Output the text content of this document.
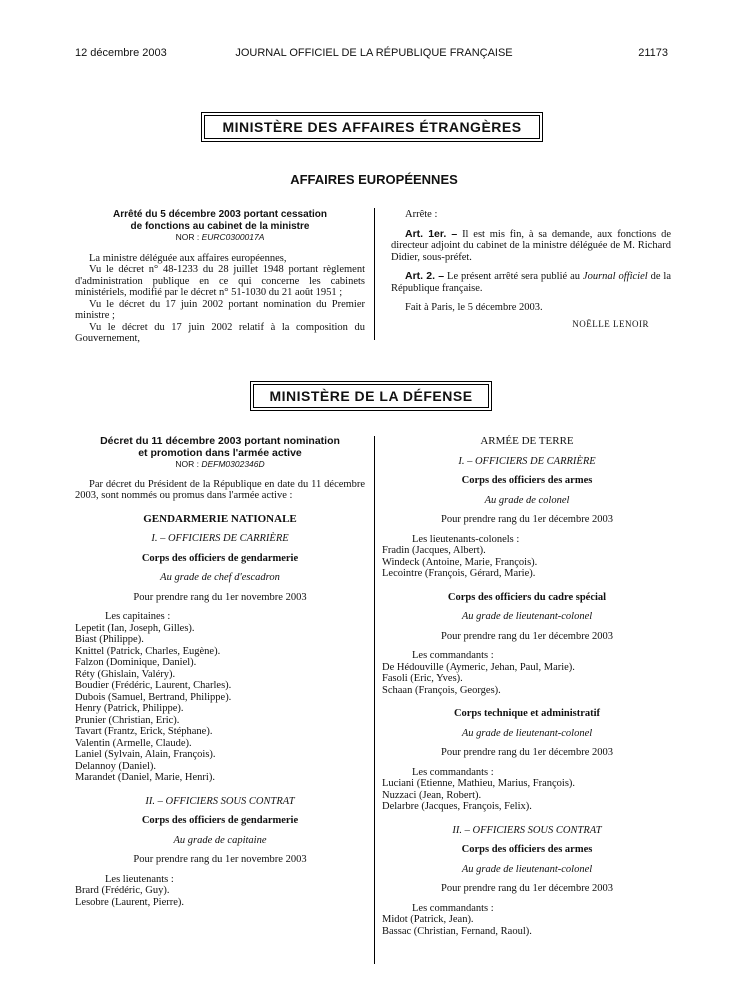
12 décembre 2003	JOURNAL OFFICIEL DE LA RÉPUBLIQUE FRANÇAISE	21173
MINISTÈRE DES AFFAIRES ÉTRANGÈRES
AFFAIRES EUROPÉENNES

Arrêté du 5 décembre 2003 portant cessation

de fonctions au cabinet de la ministre

NOR : EURC0300017A

La ministre déléguée aux affaires européennes,

Vu le décret n° 48-1233 du 28 juillet 1948 portant règlement d'administration publique en ce qui concerne les cabinets ministériels, modifié par le décret n° 51-1030 du 21 août 1951 ;

Vu le décret du 17 juin 2002 portant nomination du Premier ministre ;

Vu le décret du 17 juin 2002 relatif à la composition du Gouvernement,

Arrête :

Art. 1er. – Il est mis fin, à sa demande, aux fonctions de directeur adjoint du cabinet de la ministre déléguée de M. Richard Didier, sous-préfet.

Art. 2. – Le présent arrêté sera publié au Journal officiel de la République française.

Fait à Paris, le 5 décembre 2003.

NOËLLE LENOIR

MINISTÈRE DE LA DÉFENSE

Décret du 11 décembre 2003 portant nomination

et promotion dans l'armée active

NOR : DEFM0302346D

Par décret du Président de la République en date du 11 décembre 2003, sont nommés ou promus dans l'armée active :

GENDARMERIE NATIONALE

I. – OFFICIERS DE CARRIÈRE

Corps des officiers de gendarmerie

Au grade de chef d'escadron

Pour prendre rang du 1er novembre 2003

Les capitaines :

Lepetit (Ian, Joseph, Gilles).

Biast (Philippe).

Knittel (Patrick, Charles, Eugène).

Falzon (Dominique, Daniel).

Réty (Ghislain, Valéry).

Boudier (Frédéric, Laurent, Charles).

Dubois (Samuel, Bertrand, Philippe).

Henry (Patrick, Philippe).

Prunier (Christian, Eric).

Tavart (Frantz, Erick, Stéphane).

Valentin (Armelle, Claude).

Laniel (Sylvain, Alain, François).

Delannoy (Daniel).

Marandet (Daniel, Marie, Henri).

II. – OFFICIERS SOUS CONTRAT

Corps des officiers de gendarmerie

Au grade de capitaine

Pour prendre rang du 1er novembre 2003

Les lieutenants :

Brard (Frédéric, Guy).

Lesobre (Laurent, Pierre).

ARMÉE DE TERRE

I. – OFFICIERS DE CARRIÈRE

Corps des officiers des armes

Au grade de colonel

Pour prendre rang du 1er décembre 2003

Les lieutenants-colonels :

Fradin (Jacques, Albert).

Windeck (Antoine, Marie, François).

Lecointre (François, Gérard, Marie).

Corps des officiers du cadre spécial

Au grade de lieutenant-colonel

Pour prendre rang du 1er décembre 2003

Les commandants :

De Hédouville (Aymeric, Jehan, Paul, Marie).

Fasoli (Eric, Yves).

Schaan (François, Georges).

Corps technique et administratif

Au grade de lieutenant-colonel

Pour prendre rang du 1er décembre 2003

Les commandants :

Luciani (Etienne, Mathieu, Marius, François).

Nuzzaci (Jean, Robert).

Delarbre (Jacques, François, Felix).

II. – OFFICIERS SOUS CONTRAT

Corps des officiers des armes

Au grade de lieutenant-colonel

Pour prendre rang du 1er décembre 2003

Les commandants :

Midot (Patrick, Jean).

Bassac (Christian, Fernand, Raoul).
